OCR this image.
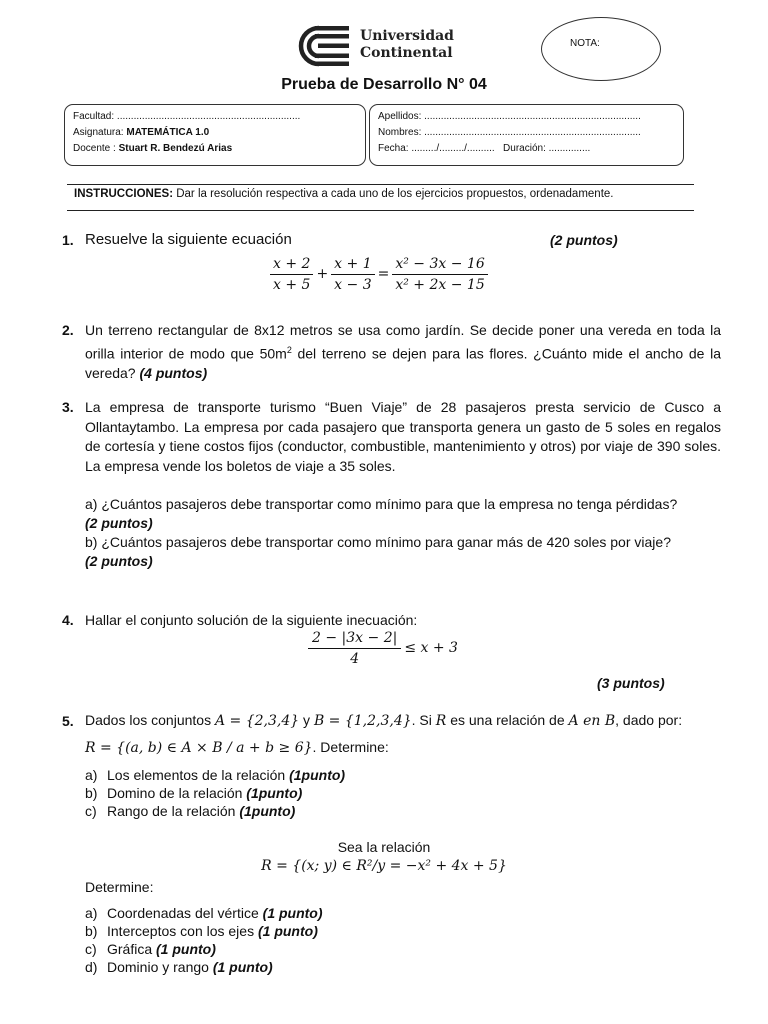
Universidad
Continental
NOTA:
Prueba de Desarrollo N° 04
Facultad: ..................................................................
Asignatura: MATEMÁTICA 1.0
Docente : Stuart R. Bendezú Arias
Apellidos: ..............................................................................
Nombres: ..............................................................................
Fecha: ........./........./.......... Duración: ...............
INSTRUCCIONES: Dar la resolución respectiva a cada uno de los ejercicios propuestos, ordenadamente.
1. Resuelve la siguiente ecuación	(2 puntos)
$\frac{x + 2}{x + 5} + \frac{x + 1}{x - 3} = \frac{\text{x² − 3x − 16}}{\text{x² + 2x − 15}}$
2. Un terreno rectangular de 8x12 metros se usa como jardín. Se decide poner una vereda en toda la orilla interior de modo que $50m^2$ del terreno se dejen para las flores. ¿Cuánto mide el ancho de la vereda? (4 puntos)
3. La empresa de transporte turismo “Buen Viaje” de 28 pasajeros presta servicio de Cusco a Ollantaytambo. La empresa por cada pasajero que transporta genera un gasto de 5 soles en regalos de cortesía y tiene costos fijos (conductor, combustible, mantenimiento y otros) por viaje de 390 soles. La empresa vende los boletos de viaje a 35 soles.
a) ¿Cuántos pasajeros debe transportar como mínimo para que la empresa no tenga pérdidas?
(2 puntos)
b) ¿Cuántos pasajeros debe transportar como mínimo para ganar más de 420 soles por viaje?
(2 puntos)
4. Hallar el conjunto solución de la siguiente inecuación:
$\frac{2 - |3x - 2|}{4} \le x + 3$
(3 puntos)
5. Dados los conjuntos A = {2,3,4} y B = {1,2,3,4}. Si R es una relación de A en B, dado por:
R = {(a, b) ∈ A × B / a + b ≥ 6}. Determine:
a) Los elementos de la relación (1punto)
b) Domino de la relación (1punto)
c) Rango de la relación (1punto)
Sea la relación
R = {(x; y) ∈ R²/y = −x² + 4x + 5}
Determine:
a) Coordenadas del vértice (1 punto)
b) Interceptos con los ejes (1 punto)
c) Gráfica (1 punto)
d) Dominio y rango (1 punto)
